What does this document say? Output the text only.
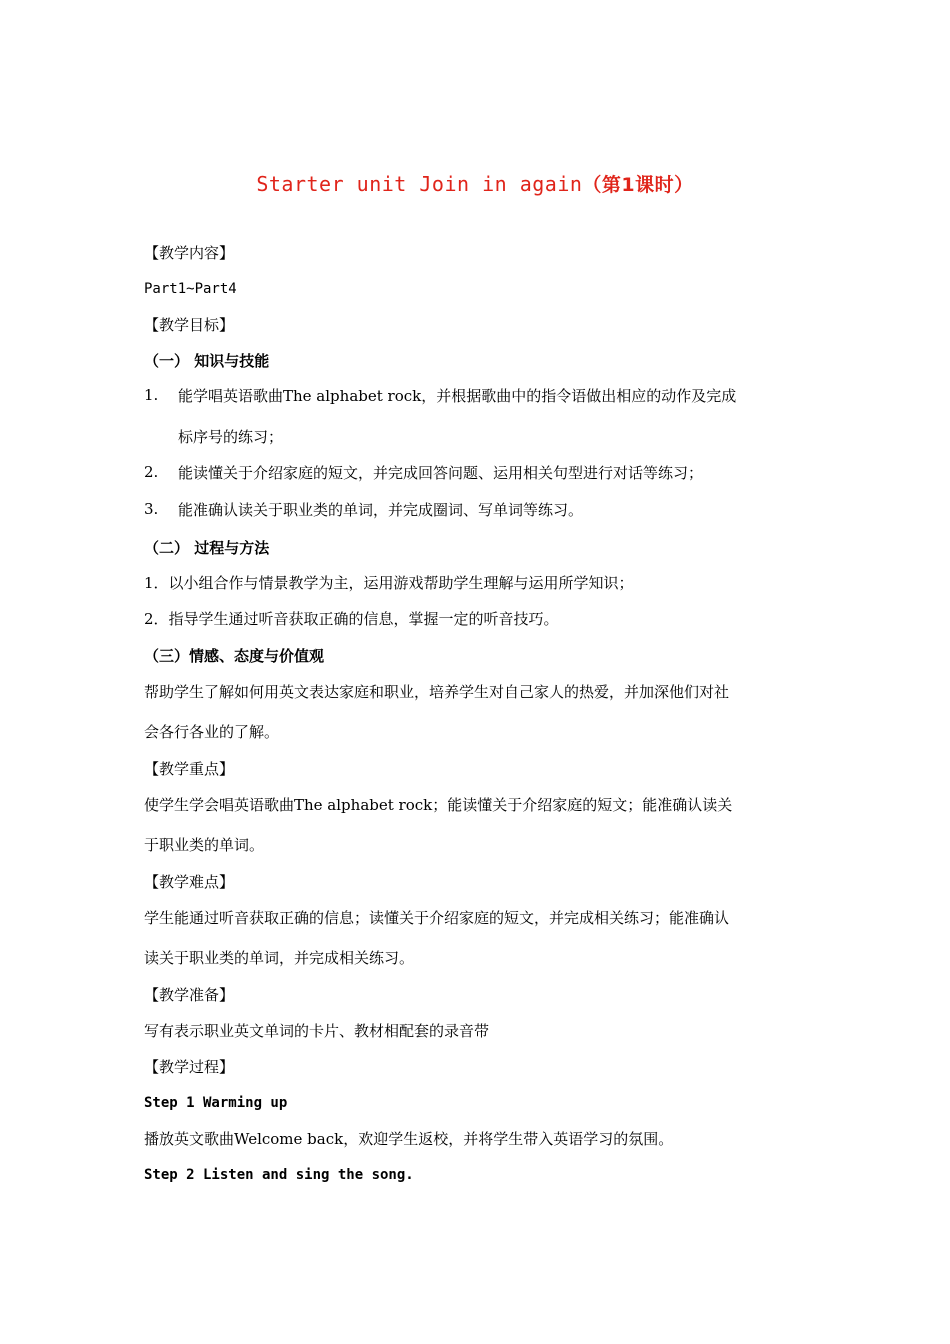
Starter unit Join in again（第1课时）
【教学内容】
Part1~Part4
【教学目标】
（一） 知识与技能
1. 能学唱英语歌曲The alphabet rock，并根据歌曲中的指令语做出相应的动作及完成
标序号的练习；
2. 能读懂关于介绍家庭的短文，并完成回答问题、运用相关句型进行对话等练习；
3. 能准确认读关于职业类的单词，并完成圈词、写单词等练习。
（二） 过程与方法
1．以小组合作与情景教学为主，运用游戏帮助学生理解与运用所学知识；
2．指导学生通过听音获取正确的信息，掌握一定的听音技巧。
（三）情感、态度与价值观
帮助学生了解如何用英文表达家庭和职业，培养学生对自己家人的热爱，并加深他们对社
会各行各业的了解。
【教学重点】
使学生学会唱英语歌曲The alphabet rock；能读懂关于介绍家庭的短文；能准确认读关
于职业类的单词。
【教学难点】
学生能通过听音获取正确的信息；读懂关于介绍家庭的短文，并完成相关练习；能准确认
读关于职业类的单词，并完成相关练习。
【教学准备】
写有表示职业英文单词的卡片、教材相配套的录音带
【教学过程】
Step 1 Warming up
播放英文歌曲Welcome back，欢迎学生返校，并将学生带入英语学习的氛围。
Step 2 Listen and sing the song.
